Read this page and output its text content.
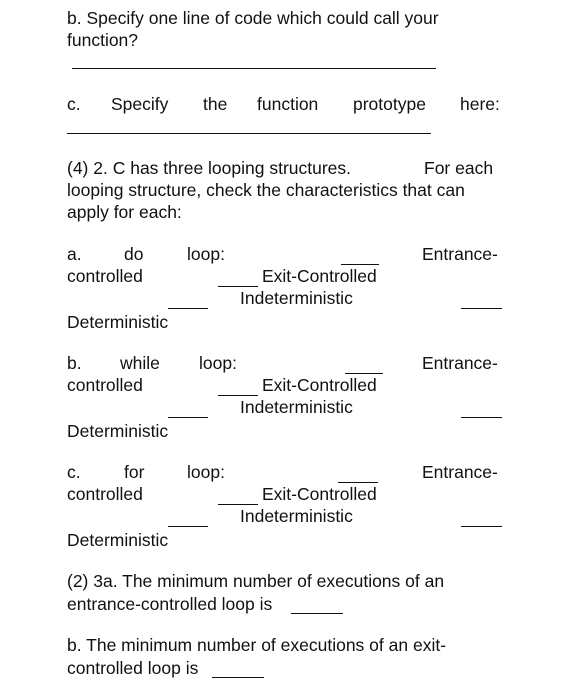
b. Specify one line of code which could call your
function?
c. Specify the function prototype here:
(4) 2. C has three looping structures.	For each
looping structure, check the characteristics that can
apply for each:
a. do loop:	Entrance-
controlled	Exit-Controlled
Indeterministic
Deterministic
b. while loop:	Entrance-
controlled	Exit-Controlled
Indeterministic
Deterministic
c. for loop:	Entrance-
controlled	Exit-Controlled
Indeterministic
Deterministic
(2) 3a. The minimum number of executions of an
entrance-controlled loop is
b. The minimum number of executions of an exit-
controlled loop is
